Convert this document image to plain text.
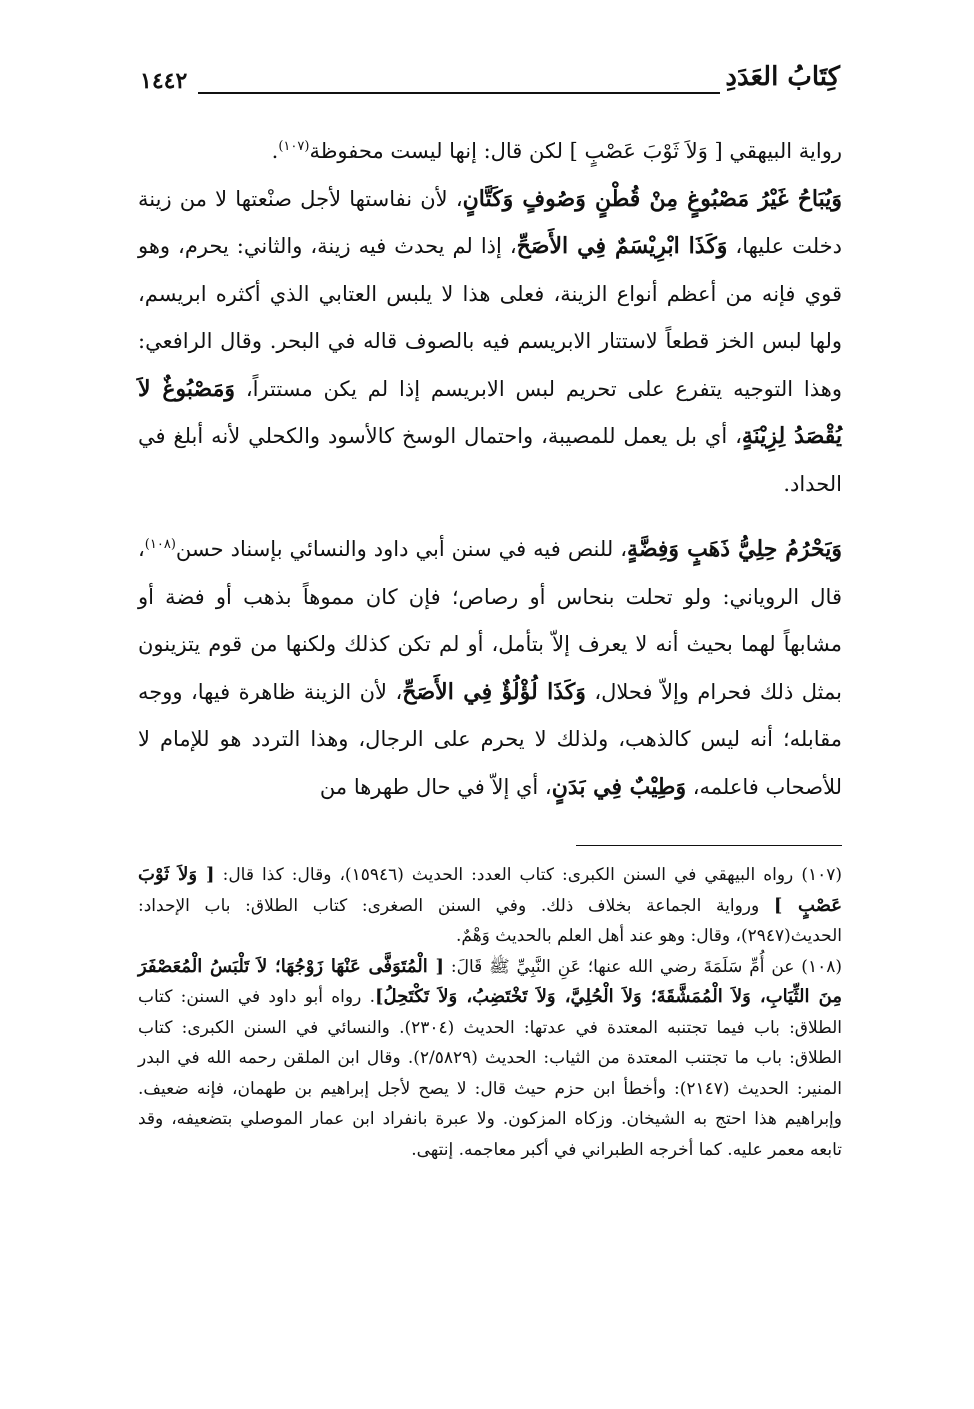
كِتَابُ العَدَدِ
١٤٤٢

رواية البيهقي [ وَلاَ ثَوْبَ عَصْبٍ ] لكن قال: إنها ليست محفوظة$^{(١٠٧)}$.

وَيُبَاحُ غَيْرُ مَصْبُوغٍ مِنْ قُطْنٍ وَصُوفٍ وَكَتَّانٍ، لأن نفاستها لأجل صنْعتها لا من زينة دخلت عليها، وَكَذَا ابْرِيْسَمٌ فِي الأَصَحِّ، إذا لم يحدث فيه زينة، والثاني: يحرم، وهو قوي فإنه من أعظم أنواع الزينة، فعلى هذا لا يلبس العتابي الذي أكثره ابريسم، ولها لبس الخز قطعاً لاستتار الابريسم فيه بالصوف قاله في البحر. وقال الرافعي: وهذا التوجيه يتفرع على تحريم لبس الابريسم إذا لم يكن مستتراً، وَمَصْبُوغٌ لاَ يُقْصَدُ لِزِيْنَةٍ، أي بل يعمل للمصيبة، واحتمال الوسخ كالأسود والكحلي لأنه أبلغ في الحداد.

وَيَحْرُمُ حِلِيُّ ذَهَبٍ وَفِضَّةٍ، للنص فيه في سنن أبي داود والنسائي بإسناد حسن$^{(١٠٨)}$، قال الروياني: ولو تحلت بنحاس أو رصاص؛ فإن كان مموهاً بذهب أو فضة أو مشابهاً لهما بحيث أنه لا يعرف إلاّ بتأمل، أو لم تكن كذلك ولكنها من قوم يتزينون بمثل ذلك فحرام وإلاّ فحلال، وَكَذَا لُؤْلُؤٌ فِي الأَصَحِّ، لأن الزينة ظاهرة فيها، ووجه مقابله؛ أنه ليس كالذهب، ولذلك لا يحرم على الرجال، وهذا التردد هو للإمام لا للأصحاب فاعلمه، وَطِيْبٌ فِي بَدَنٍ، أي إلاّ في حال طهرها من

(١٠٧) رواه البيهقي في السنن الكبرى: كتاب العدد: الحديث (١٥٩٤٦)، وقال: كذا قال: [ وَلاَ ثَوْبَ عَصْبٍ ] ورواية الجماعة بخلاف ذلك. وفي السنن الصغرى: كتاب الطلاق: باب الإحداد: الحديث(٢٩٤٧)، وقال: وهو عند أهل العلم بالحديث وَهْمٌ.

(١٠٨) عن أُمِّ سَلَمَةَ رضي الله عنها؛ عَنِ النَّبِيِّ ﷺ قَالَ: [ الْمُتَوَفَّى عَنْهَا زَوْجُهَا؛ لاَ تَلْبَسُ الْمُعَصْفَرَ مِنَ الثِّيَابِ، وَلاَ الْمُمَشَّقَةَ؛ وَلاَ الْحُلِيَّ، وَلاَ تَخْتَضِبُ، وَلاَ تَكْتَحِلُ]. رواه أبو داود في السنن: كتاب الطلاق: باب فيما تجتنبه المعتدة في عدتها: الحديث (٢٣٠٤). والنسائي في السنن الكبرى: كتاب الطلاق: باب ما تجتنب المعتدة من الثياب: الحديث (٢/٥٨٢٩). وقال ابن الملقن رحمه الله في البدر المنير: الحديث (٢١٤٧): وأخطأ ابن حزم حيث قال: لا يصح لأجل إبراهيم بن طهمان، فإنه ضعيف. وإبراهيم هذا احتج به الشيخان. وزكاه المزكون. ولا عبرة بانفراد ابن عمار الموصلي بتضعيفه، وقد تابعه معمر عليه. كما أخرجه الطبراني في أكبر معاجمه. إنتهى.
